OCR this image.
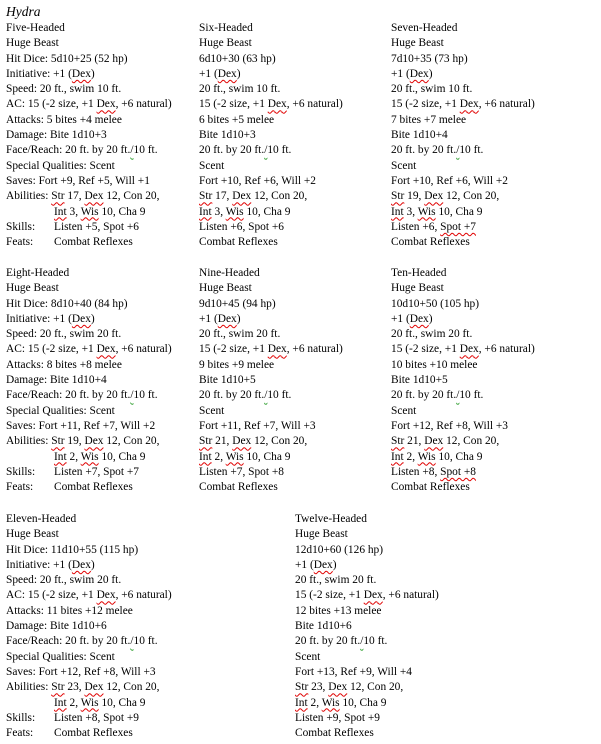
Hydra
Five-Headed
Huge Beast
Hit Dice: 5d10+25 (52 hp)
Initiative: +1 (Dex)
Speed: 20 ft., swim 10 ft.
AC: 15 (-2 size, +1 Dex, +6 natural)
Attacks: 5 bites +4 melee
Damage: Bite 1d10+3
Face/Reach: 20 ft. by 20 ft./10 ft.
Special Qualities: Scent
Saves: Fort +9, Ref +5, Will +1
Abilities: Str 17, Dex 12, Con 20,
Int 3, Wis 10, Cha 9
Skills: Listen +5, Spot +6
Feats: Combat Reflexes
Six-Headed
Huge Beast
6d10+30 (63 hp)
+1 (Dex)
20 ft., swim 10 ft.
15 (-2 size, +1 Dex, +6 natural)
6 bites +5 melee
Bite 1d10+3
20 ft. by 20 ft./10 ft.
Scent
Fort +10, Ref +6, Will +2
Str 17, Dex 12, Con 20,
Int 3, Wis 10, Cha 9
Listen +6, Spot +6
Combat Reflexes
Seven-Headed
Huge Beast
7d10+35 (73 hp)
+1 (Dex)
20 ft., swim 10 ft.
15 (-2 size, +1 Dex, +6 natural)
7 bites +7 melee
Bite 1d10+4
20 ft. by 20 ft./10 ft.
Scent
Fort +10, Ref +6, Will +2
Str 19, Dex 12, Con 20,
Int 3, Wis 10, Cha 9
Listen +6, Spot +7
Combat Reflexes
Eight-Headed
Huge Beast
Hit Dice: 8d10+40 (84 hp)
Initiative: +1 (Dex)
Speed: 20 ft., swim 20 ft.
AC: 15 (-2 size, +1 Dex, +6 natural)
Attacks: 8 bites +8 melee
Damage: Bite 1d10+4
Face/Reach: 20 ft. by 20 ft./10 ft.
Special Qualities: Scent
Saves: Fort +11, Ref +7, Will +2
Abilities: Str 19, Dex 12, Con 20,
Int 2, Wis 10, Cha 9
Skills: Listen +7, Spot +7
Feats: Combat Reflexes
Nine-Headed
Huge Beast
9d10+45 (94 hp)
+1 (Dex)
20 ft., swim 20 ft.
15 (-2 size, +1 Dex, +6 natural)
9 bites +9 melee
Bite 1d10+5
20 ft. by 20 ft./10 ft.
Scent
Fort +11, Ref +7, Will +3
Str 21, Dex 12, Con 20,
Int 2, Wis 10, Cha 9
Listen +7, Spot +8
Combat Reflexes
Ten-Headed
Huge Beast
10d10+50 (105 hp)
+1 (Dex)
20 ft., swim 20 ft.
15 (-2 size, +1 Dex, +6 natural)
10 bites +10 melee
Bite 1d10+5
20 ft. by 20 ft./10 ft.
Scent
Fort +12, Ref +8, Will +3
Str 21, Dex 12, Con 20,
Int 2, Wis 10, Cha 9
Listen +8, Spot +8
Combat Reflexes
Eleven-Headed
Huge Beast
Hit Dice: 11d10+55 (115 hp)
Initiative: +1 (Dex)
Speed: 20 ft., swim 20 ft.
AC: 15 (-2 size, +1 Dex, +6 natural)
Attacks: 11 bites +12 melee
Damage: Bite 1d10+6
Face/Reach: 20 ft. by 20 ft./10 ft.
Special Qualities: Scent
Saves: Fort +12, Ref +8, Will +3
Abilities: Str 23, Dex 12, Con 20,
Int 2, Wis 10, Cha 9
Skills: Listen +8, Spot +9
Feats: Combat Reflexes
Twelve-Headed
Huge Beast
12d10+60 (126 hp)
+1 (Dex)
20 ft., swim 20 ft.
15 (-2 size, +1 Dex, +6 natural)
12 bites +13 melee
Bite 1d10+6
20 ft. by 20 ft./10 ft.
Scent
Fort +13, Ref +9, Will +4
Str 23, Dex 12, Con 20,
Int 2, Wis 10, Cha 9
Listen +9, Spot +9
Combat Reflexes
